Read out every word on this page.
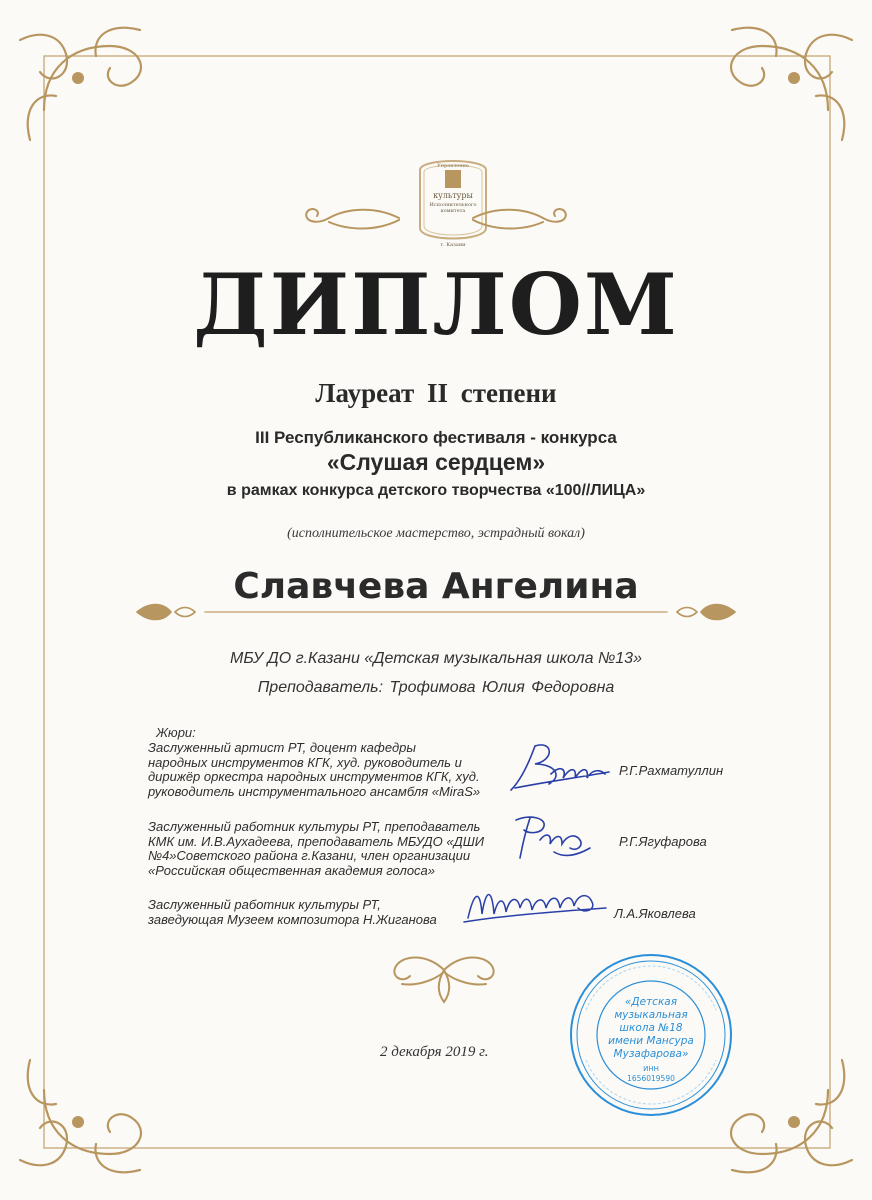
Управление
культуры
Исполнительного
комитета
г. Казани
ДИПЛОМ
Лауреат II степени
III Республиканского фестиваля - конкурса
«Слушая сердцем»
в рамках конкурса детского творчества «100//ЛИЦА»
(исполнительское мастерство, эстрадный вокал)
Славчева Ангелина
МБУ ДО г.Казани «Детская музыкальная школа №13»
Преподаватель: Трофимова Юлия Федоровна
Жюри:
Заслуженный артист РТ, доцент кафедры
народных инструментов КГК, худ. руководитель и
дирижёр оркестра народных инструментов КГК, худ.
руководитель инструментального ансамбля «MiraS»
Р.Г.Рахматуллин
Заслуженный работник культуры РТ, преподаватель
КМК им. И.В.Аухадеева, преподаватель МБУДО «ДШИ
№4»Советского района г.Казани, член организации
«Российская общественная академия голоса»
Р.Г.Ягуфарова
Заслуженный работник культуры РТ,
заведующая Музеем композитора Н.Жиганова	Л.А.Яковлева
2 декабря 2019 г.
«Детская
музыкальная
школа №18
имени Мансура
Музафарова»
ИНН
1656019590
